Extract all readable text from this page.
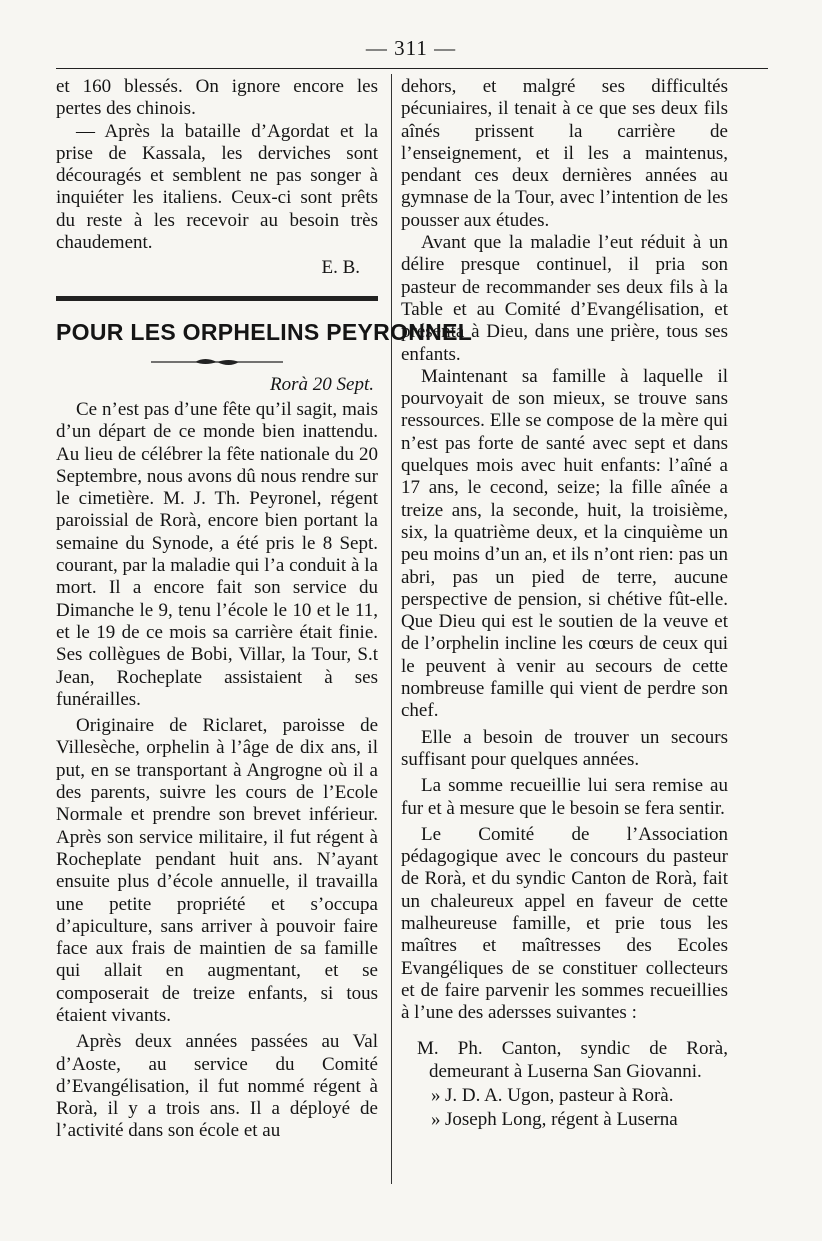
— 311 —

et 160 blessés. On ignore encore les pertes des chinois.

— Après la bataille d’Agordat et la prise de Kassala, les derviches sont découragés et semblent ne pas songer à inquiéter les italiens. Ceux-ci sont prêts du reste à les recevoir au besoin très chaudement.

E. B.

POUR LES ORPHELINS PEYRONNEL

Rorà 20 Sept.

Ce n’est pas d’une fête qu’il sagit, mais d’un départ de ce monde bien inattendu. Au lieu de célébrer la fête nationale du 20 Septembre, nous avons dû nous rendre sur le cimetière. M. J. Th. Peyronel, régent paroissial de Rorà, encore bien portant la semaine du Synode, a été pris le 8 Sept. courant, par la maladie qui l’a conduit à la mort. Il a encore fait son service du Dimanche le 9, tenu l’école le 10 et le 11, et le 19 de ce mois sa carrière était finie. Ses collègues de Bobi, Villar, la Tour, S.t Jean, Rocheplate assistaient à ses funérailles.

Originaire de Riclaret, paroisse de Villesèche, orphelin à l’âge de dix ans, il put, en se transportant à Angrogne où il a des parents, suivre les cours de l’Ecole Normale et prendre son brevet inférieur. Après son service militaire, il fut régent à Rocheplate pendant huit ans. N’ayant ensuite plus d’école annuelle, il travailla une petite propriété et s’occupa d’apiculture, sans arriver à pouvoir faire face aux frais de maintien de sa famille qui allait en augmentant, et se composerait de treize enfants, si tous étaient vivants.

Après deux années passées au Val d’Aoste, au service du Comité d’Evangélisation, il fut nommé régent à Rorà, il y a trois ans. Il a déployé de l’activité dans son école et au

dehors, et malgré ses difficultés pécuniaires, il tenait à ce que ses deux fils aînés prissent la carrière de l’enseignement, et il les a maintenus, pendant ces deux dernières années au gymnase de la Tour, avec l’intention de les pousser aux études.

Avant que la maladie l’eut réduit à un délire presque continuel, il pria son pasteur de recommander ses deux fils à la Table et au Comité d’Evangélisation, et présenta à Dieu, dans une prière, tous ses enfants.

Maintenant sa famille à laquelle il pourvoyait de son mieux, se trouve sans ressources. Elle se compose de la mère qui n’est pas forte de santé avec sept et dans quelques mois avec huit enfants: l’aîné a 17 ans, le cecond, seize; la fille aînée a treize ans, la seconde, huit, la troisième, six, la quatrième deux, et la cinquième un peu moins d’un an, et ils n’ont rien: pas un abri, pas un pied de terre, aucune perspective de pension, si chétive fût-elle. Que Dieu qui est le soutien de la veuve et de l’orphelin incline les cœurs de ceux qui le peuvent à venir au secours de cette nombreuse famille qui vient de perdre son chef.

Elle a besoin de trouver un secours suffisant pour quelques années.

La somme recueillie lui sera remise au fur et à mesure que le besoin se fera sentir.

Le Comité de l’Association pédagogique avec le concours du pasteur de Rorà, et du syndic Canton de Rorà, fait un chaleureux appel en faveur de cette malheureuse famille, et prie tous les maîtres et maîtresses des Ecoles Evangéliques de se constituer collecteurs et de faire parvenir les sommes recueillies à l’une des adersses suivantes :

M. Ph. Canton, syndic de Rorà, demeurant à Luserna San Giovanni.

» J. D. A. Ugon, pasteur à Rorà.

» Joseph Long, régent à Luserna
